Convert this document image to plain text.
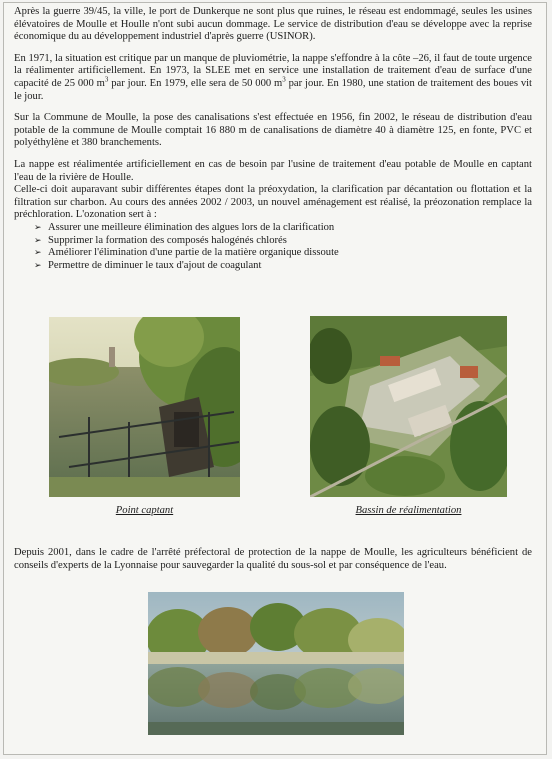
Après la guerre 39/45, la ville, le port de Dunkerque ne sont plus que ruines, le réseau est endommagé, seules les usines élévatoires de Moulle et Houlle n'ont subi aucun dommage. Le service de distribution d'eau se développe avec la reprise économique du au développement industriel d'après guerre (USINOR).

En 1971, la situation est critique par un manque de pluviométrie, la nappe s'effondre à la côte –26, il faut de toute urgence la réalimenter artificiellement. En 1973, la SLEE met en service une installation de traitement d'eau de surface d'une capacité de 25 000 $m^3$ par jour. En 1979, elle sera de 50 000 $m^3$ par jour. En 1980, une station de traitement des boues vit le jour.

Sur la Commune de Moulle, la pose des canalisations s'est effectuée en 1956, fin 2002, le réseau de distribution d'eau potable de la commune de Moulle comptait 16 880 m de canalisations de diamètre 40 à diamètre 125, en fonte, PVC et polyéthylène et 380 branchements.

La nappe est réalimentée artificiellement en cas de besoin par l'usine de traitement d'eau potable de Moulle en captant l'eau de la rivière de Houlle.

Celle-ci doit auparavant subir différentes étapes dont la préoxydation, la clarification par décantation ou flottation et la filtration sur charbon. Au cours des années 2002 / 2003, un nouvel aménagement est réalisé, la préozonation remplace la préchloration. L'ozonation sert à :

➢ Assurer une meilleure élimination des algues lors de la clarification
➢ Supprimer la formation des composés halogénés chlorés
➢ Améliorer l'élimination d'une partie de la matière organique dissoute
➢ Permettre de diminuer le taux d'ajout de coagulant
Point captant	Bassin de réalimentation
Depuis 2001, dans le cadre de l'arrêté préfectoral de protection de la nappe de Moulle, les agriculteurs bénéficient de conseils d'experts de la Lyonnaise pour sauvegarder la qualité du sous-sol et par conséquence de l'eau.
